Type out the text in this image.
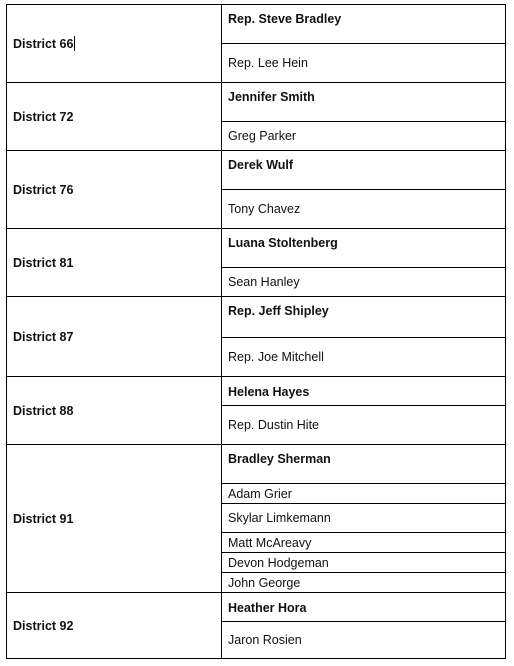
District 66
Rep. Steve Bradley
Rep. Lee Hein
District 72
Jennifer Smith
Greg Parker
District 76
Derek Wulf
Tony Chavez
District 81
Luana Stoltenberg
Sean Hanley
District 87
Rep. Jeff Shipley
Rep. Joe Mitchell
District 88
Helena Hayes
Rep. Dustin Hite
District 91
Bradley Sherman
Adam Grier
Skylar Limkemann
Matt McAreavy
Devon Hodgeman
John George
District 92
Heather Hora
Jaron Rosien
